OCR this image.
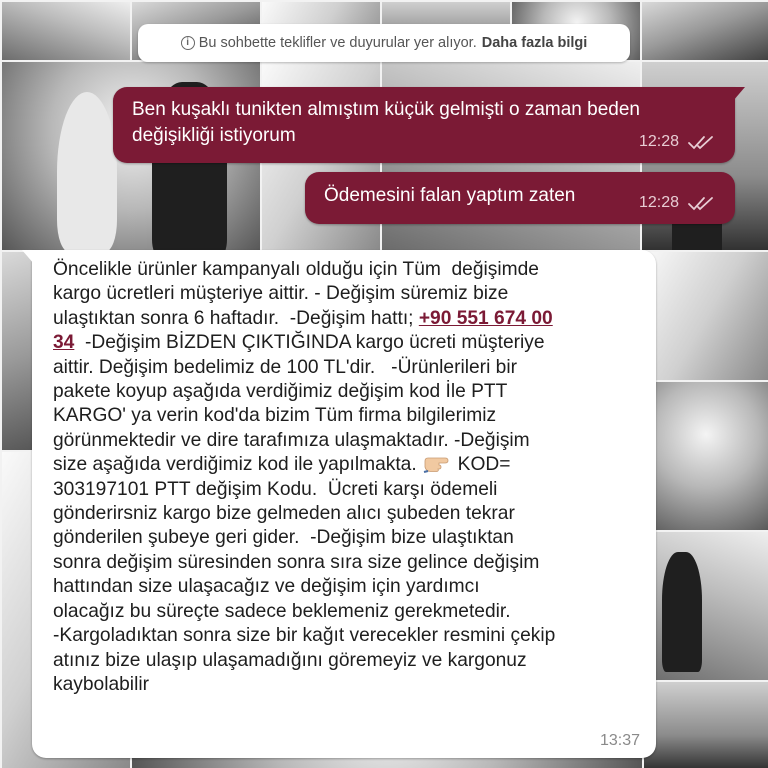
i Bu sohbette teklifler ve duyurular yer alıyor. Daha fazla bilgi
Ben kuşaklı tunikten almıştım küçük gelmişti o zaman beden değişikliği istiyorum	12:28
Ödemesini falan yaptım zaten	12:28
Öncelikle ürünler kampanyalı olduğu için Tüm  değişimde
kargo ücretleri müşteriye aittir. - Değişim süremiz bize
ulaştıktan sonra 6 haftadır.  -Değişim hattı; +90 551 674 00
34  -Değişim BİZDEN ÇIKTIĞINDA kargo ücreti müşteriye
aittir. Değişim bedelimiz de 100 TL'dir.   -Ürünlerileri bir
pakete koyup aşağıda verdiğimiz değişim kod İle PTT
KARGO' ya verin kod'da bizim Tüm firma bilgilerimiz
görünmektedir ve dire tarafımıza ulaşmaktadır. -Değişim
size aşağıda verdiğimiz kod ile yapılmakta. KOD=
303197101 PTT değişim Kodu.  Ücreti karşı ödemeli
gönderirsniz kargo bize gelmeden alıcı şubeden tekrar
gönderilen şubeye geri gider.  -Değişim bize ulaştıktan
sonra değişim süresinden sonra sıra size gelince değişim
hattından size ulaşacağız ve değişim için yardımcı
olacağız bu süreçte sadece beklemeniz gerekmetedir.
-Kargoladıktan sonra size bir kağıt verecekler resmini çekip
atınız bize ulaşıp ulaşamadığını göremeyiz ve kargonuz
kaybolabilir
13:37
